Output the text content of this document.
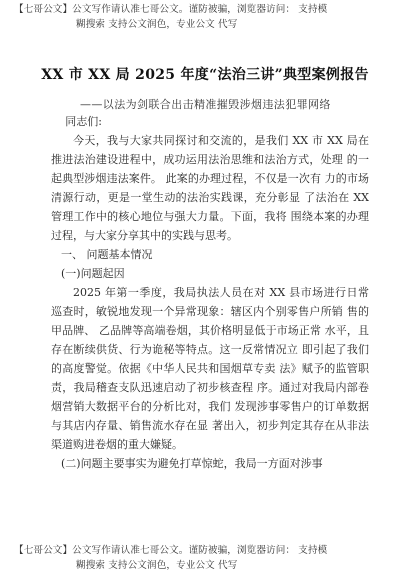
【七哥公文】公文写作请认准七哥公文。谨防被骗，浏览器访问： 支持模
糊搜索 支持公文润色，专业公文 代写
XX 市 XX 局 2025 年度“法治三讲”典型案例报告
——以法为剑联合出击精准摧毁涉烟违法犯罪网络

同志们:

今天，我与大家共同探讨和交流的，是我们 XX 市 XX 局在 推进法治建设进程中，成功运用法治思维和法治方式，处理 的一起典型涉烟违法案件。 此案的办理过程，不仅是一次有 力的市场清源行动，更是一堂生动的法治实践课，充分彰显 了法治在 XX 管理工作中的核心地位与强大力量。下面，我将 围绕本案的办理过程，与大家分享其中的实践与思考。

一、 问题基本情况

(一)问题起因

2025 年第一季度，我局执法人员在对 XX 县市场进行日常 巡查时，敏锐地发现一个异常现象：辖区内个别零售户所销 售的甲品牌、 乙品牌等高端卷烟，其价格明显低于市场正常 水平，且存在断续供货、行为诡秘等特点。这一反常情况立 即引起了我们的高度警觉。依据《中华人民共和国烟草专卖 法》赋予的监管职责，我局稽查支队迅速启动了初步核查程 序。通过对我局内部卷烟营销大数据平台的分析比对，我们 发现涉事零售户的订单数据与其店内存量、销售流水存在显 著出入，初步判定其存在从非法渠道购进卷烟的重大嫌疑。

(二)问题主要事实为避免打草惊蛇，我局一方面对涉事

【七哥公文】公文写作请认准七哥公文。谨防被骗，浏览器访问： 支持模
糊搜索 支持公文润色，专业公文 代写
